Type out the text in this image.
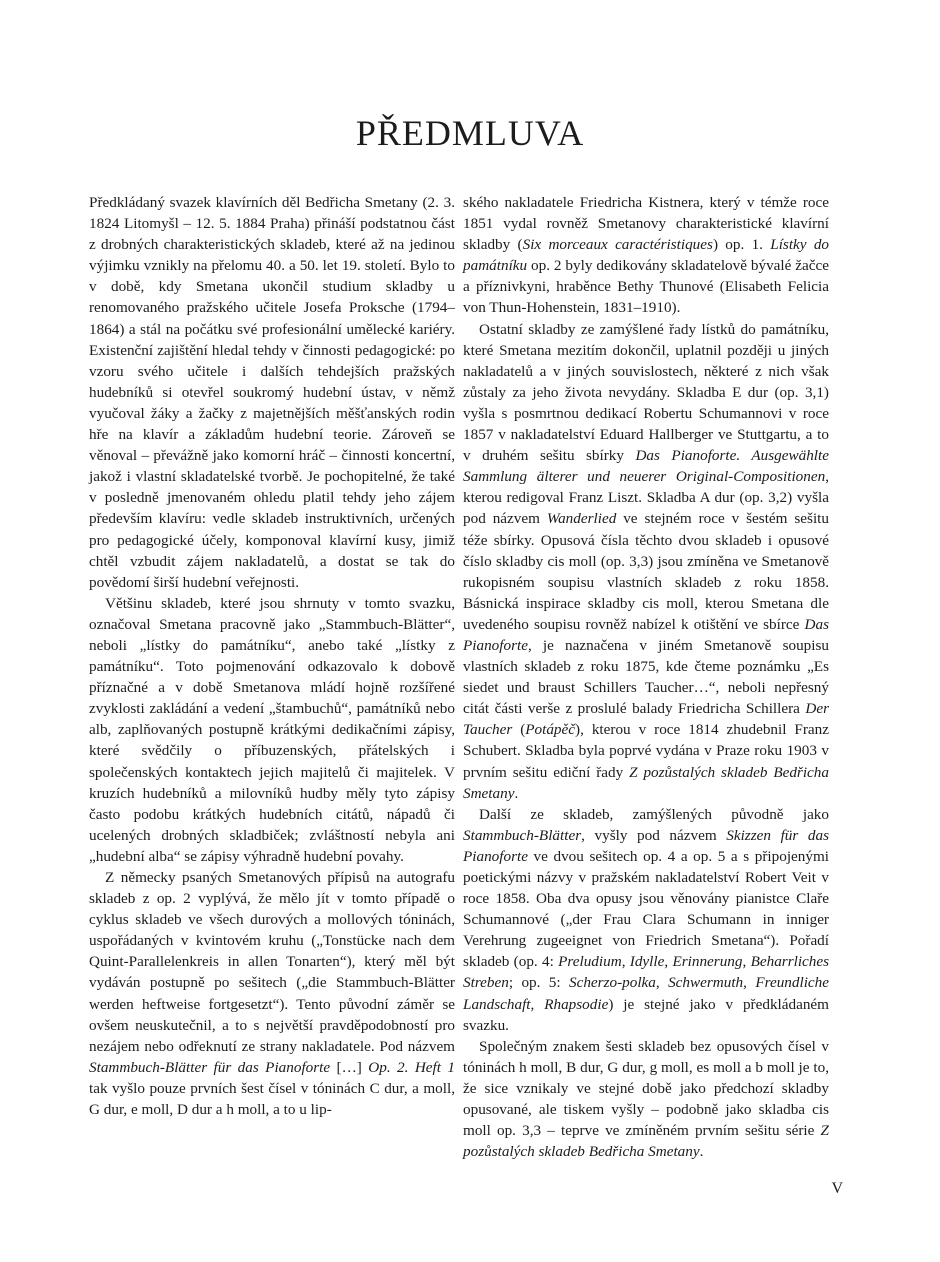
PŘEDMLUVA

Předkládaný svazek klavírních děl Bedřicha Smetany (2. 3. 1824 Litomyšl – 12. 5. 1884 Praha) přináší podstatnou část z drobných charakteristických skladeb, které až na jedinou výjimku vznikly na přelomu 40. a 50. let 19. století. Bylo to v době, kdy Smetana ukončil studium skladby u renomovaného pražského učitele Josefa Proksche (1794–1864) a stál na počátku své profesionální umělecké kariéry. Existenční zajištění hledal tehdy v činnosti pedagogické: po vzoru svého učitele i dalších tehdejších pražských hudebníků si otevřel soukromý hudební ústav, v němž vyučoval žáky a žačky z majetnějších měšťanských rodin hře na klavír a základům hudební teorie. Zároveň se věnoval – převážně jako komorní hráč – činnosti koncertní, jakož i vlastní skladatelské tvorbě. Je pochopitelné, že také v posledně jmenovaném ohledu platil tehdy jeho zájem především klavíru: vedle skladeb instruktivních, určených pro pedagogické účely, komponoval klavírní kusy, jimiž chtěl vzbudit zájem nakladatelů, a dostat se tak do povědomí širší hudební veřejnosti.

Většinu skladeb, které jsou shrnuty v tomto svazku, označoval Smetana pracovně jako „Stammbuch-Blätter“, neboli „lístky do památníku“, anebo také „lístky z památníku“. Toto pojmenování odkazovalo k dobově příznačné a v době Smetanova mládí hojně rozšířené zvyklosti zakládání a vedení „štambuchů“, památníků nebo alb, zaplňovaných postupně krátkými dedikačními zápisy, které svědčily o příbuzenských, přátelských i společenských kontaktech jejich majitelů či majitelek. V kruzích hudebníků a milovníků hudby měly tyto zápisy často podobu krátkých hudebních citátů, nápadů či ucelených drobných skladbiček; zvláštností nebyla ani „hudební alba“ se zápisy výhradně hudební povahy.

Z německy psaných Smetanových přípisů na autografu skladeb z op. 2 vyplývá, že mělo jít v tomto případě o cyklus skladeb ve všech durových a mollových tóninách, uspořádaných v kvintovém kruhu („Tonstücke nach dem Quint-Parallelenkreis in allen Tonarten“), který měl být vydáván postupně po sešitech („die Stammbuch-Blätter werden heftweise fortgesetzt“). Tento původní záměr se ovšem neuskutečnil, a to s největší pravděpodobností pro nezájem nebo odřeknutí ze strany nakladatele. Pod názvem Stammbuch-Blätter für das Pianoforte […] Op. 2. Heft 1 tak vyšlo pouze prvních šest čísel v tóninách C dur, a moll, G dur, e moll, D dur a h moll, a to u lip-

ského nakladatele Friedricha Kistnera, který v témže roce 1851 vydal rovněž Smetanovy charakteristické klavírní skladby (Six morceaux caractéristiques) op. 1. Lístky do památníku op. 2 byly dedikovány skladatelově bývalé žačce a příznivkyni, hraběnce Bethy Thunové (Elisabeth Felicia von Thun-Hohenstein, 1831–1910).

Ostatní skladby ze zamýšlené řady lístků do památníku, které Smetana mezitím dokončil, uplatnil později u jiných nakladatelů a v jiných souvislostech, některé z nich však zůstaly za jeho života nevydány. Skladba E dur (op. 3,1) vyšla s posmrtnou dedikací Robertu Schumannovi v roce 1857 v nakladatelství Eduard Hallberger ve Stuttgartu, a to v druhém sešitu sbírky Das Pianoforte. Ausgewählte Sammlung älterer und neuerer Original-Compositionen, kterou redigoval Franz Liszt. Skladba A dur (op. 3,2) vyšla pod názvem Wanderlied ve stejném roce v šestém sešitu téže sbírky. Opusová čísla těchto dvou skladeb i opusové číslo skladby cis moll (op. 3,3) jsou zmíněna ve Smetanově rukopisném soupisu vlastních skladeb z roku 1858. Básnická inspirace skladby cis moll, kterou Smetana dle uvedeného soupisu rovněž nabízel k otištění ve sbírce Das Pianoforte, je naznačena v jiném Smetanově soupisu vlastních skladeb z roku 1875, kde čteme poznámku „Es siedet und braust Schillers Taucher…“, neboli nepřesný citát části verše z proslulé balady Friedricha Schillera Der Taucher (Potápěč), kterou v roce 1814 zhudebnil Franz Schubert. Skladba byla poprvé vydána v Praze roku 1903 v prvním sešitu ediční řady Z pozůstalých skladeb Bedřicha Smetany.

Další ze skladeb, zamýšlených původně jako Stammbuch-Blätter, vyšly pod názvem Skizzen für das Pianoforte ve dvou sešitech op. 4 a op. 5 a s připojenými poetickými názvy v pražském nakladatelství Robert Veit v roce 1858. Oba dva opusy jsou věnovány pianistce Claře Schumannové („der Frau Clara Schumann in inniger Verehrung zugeeignet von Friedrich Smetana“). Pořadí skladeb (op. 4: Preludium, Idylle, Erinnerung, Beharrliches Streben; op. 5: Scherzo-polka, Schwermuth, Freundliche Landschaft, Rhapsodie) je stejné jako v předkládaném svazku.

Společným znakem šesti skladeb bez opusových čísel v tóninách h moll, B dur, G dur, g moll, es moll a b moll je to, že sice vznikaly ve stejné době jako předchozí skladby opusované, ale tiskem vyšly – podobně jako skladba cis moll op. 3,3 – teprve ve zmíněném prvním sešitu série Z pozůstalých skladeb Bedřicha Smetany.

V
